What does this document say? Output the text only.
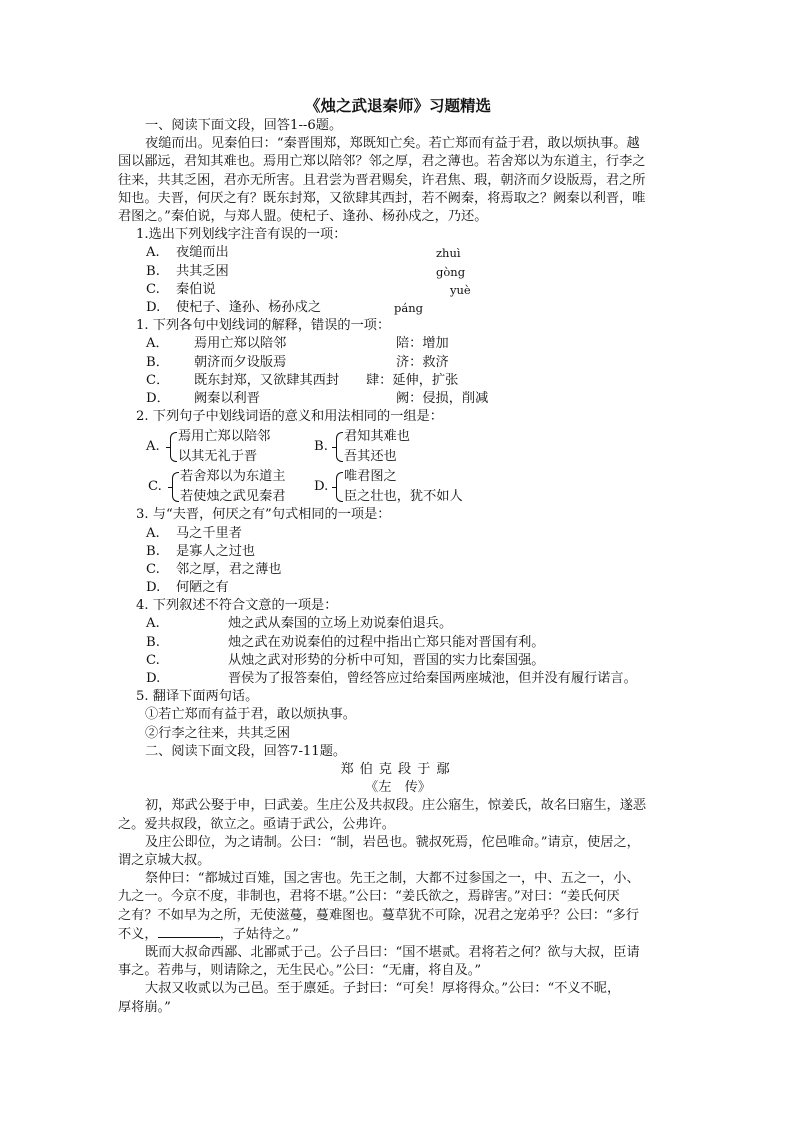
《烛之武退秦师》习题精选
一、阅读下面文段，回答1--6题。
夜缒而出。见秦伯曰：“秦晋围郑，郑既知亡矣。若亡郑而有益于君，敢以烦执事。越
国以鄙远，君知其难也。焉用亡郑以陪邻？邻之厚，君之薄也。若舍郑以为东道主，行李之
往来，共其乏困，君亦无所害。且君尝为晋君赐矣，许君焦、瑕，朝济而夕设版焉，君之所
知也。夫晋，何厌之有？既东封郑，又欲肆其西封，若不阙秦，将焉取之？阙秦以利晋，唯
君图之。”秦伯说，与郑人盟。使杞子、逢孙、杨孙戍之，乃还。
1.选出下列划线字注音有误的一项：
A. 夜缒而出	zhuì
B. 共其乏困	gòng
C. 秦伯说	yuè
D. 使杞子、逢孙、杨孙戍之	páng
1. 下列各句中划线词的解释，错误的一项：
A． 焉用亡郑以陪邻	陪：增加
B． 朝济而夕设版焉	济：救济
C． 既东封郑，又欲肆其西封 肆：延伸，扩张
D． 阙秦以利晋	阙：侵损，削减
2. 下列句子中划线词语的意义和用法相同的一组是：
A.
焉用亡郑以陪邻
以其无礼于晋
B.
君知其难也
吾其还也
C.
若舍郑以为东道主
若使烛之武见秦君
D.
唯君图之
臣之壮也，犹不如人
3. 与“夫晋，何厌之有”句式相同的一项是：
A. 马之千里者
B. 是寡人之过也
C. 邻之厚，君之薄也
D. 何陋之有
4. 下列叙述不符合文意的一项是：
A.	烛之武从秦国的立场上劝说秦伯退兵。
B.	烛之武在劝说秦伯的过程中指出亡郑只能对晋国有利。
C.	从烛之武对形势的分析中可知，晋国的实力比秦国强。
D.	晋侯为了报答秦伯，曾经答应过给秦国两座城池，但并没有履行诺言。
5. 翻译下面两句话。
①若亡郑而有益于君，敢以烦执事。
②行李之往来，共其乏困
二、阅读下面文段，回答7-11题。
郑伯克段于鄢
《左　传》
初，郑武公娶于申，曰武姜。生庄公及共叔段。庄公寤生，惊姜氏，故名曰寤生，遂恶
之。爱共叔段，欲立之。亟请于武公，公弗许。
及庄公即位，为之请制。公曰：“制，岩邑也。虢叔死焉，佗邑唯命。”请京，使居之，
谓之京城大叔。
祭仲曰：“都城过百雉，国之害也。先王之制，大都不过参国之一，中、五之一，小、
九之一。今京不度，非制也，君将不堪。”公曰：“姜氏欲之，焉辟害。”对曰：“姜氏何厌
之有？不如早为之所，无使滋蔓，蔓难图也。蔓草犹不可除，况君之宠弟乎？公曰：“多行
不义，	，子姑待之。”
既而大叔命西鄙、北鄙贰于己。公子吕曰：“国不堪贰。君将若之何？欲与大叔，臣请
事之。若弗与，则请除之，无生民心。”公曰：“无庸，将自及。”
大叔又收贰以为己邑。至于廪延。子封曰：“可矣！厚将得众。”公曰：“不义不昵，
厚将崩。”
